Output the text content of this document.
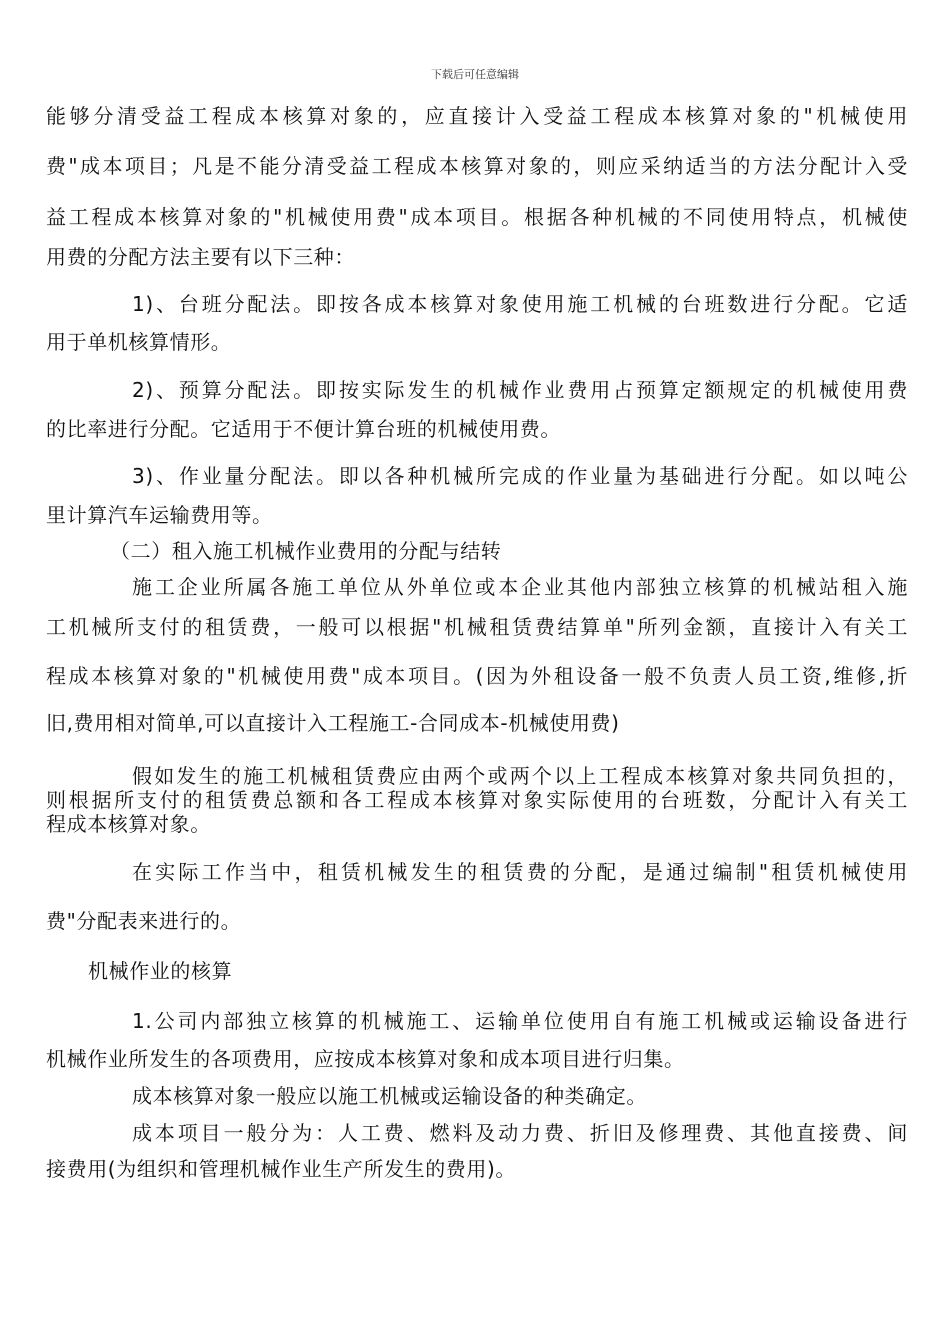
下载后可任意编辑
能够分清受益工程成本核算对象的，应直接计入受益工程成本核算对象的"机械使用
费"成本项目；凡是不能分清受益工程成本核算对象的，则应采纳适当的方法分配计入受
益工程成本核算对象的"机械使用费"成本项目。根据各种机械的不同使用特点，机械使
用费的分配方法主要有以下三种：
1)、台班分配法。即按各成本核算对象使用施工机械的台班数进行分配。它适
用于单机核算情形。
2)、预算分配法。即按实际发生的机械作业费用占预算定额规定的机械使用费
的比率进行分配。它适用于不便计算台班的机械使用费。
3)、作业量分配法。即以各种机械所完成的作业量为基础进行分配。如以吨公
里计算汽车运输费用等。
（二）租入施工机械作业费用的分配与结转
施工企业所属各施工单位从外单位或本企业其他内部独立核算的机械站租入施
工机械所支付的租赁费，一般可以根据"机械租赁费结算单"所列金额，直接计入有关工
程成本核算对象的"机械使用费"成本项目。(因为外租设备一般不负责人员工资,维修,折
旧,费用相对简单,可以直接计入工程施工-合同成本-机械使用费)
假如发生的施工机械租赁费应由两个或两个以上工程成本核算对象共同负担的，
则根据所支付的租赁费总额和各工程成本核算对象实际使用的台班数，分配计入有关工
程成本核算对象。
在实际工作当中，租赁机械发生的租赁费的分配，是通过编制"租赁机械使用
费"分配表来进行的。
机械作业的核算
1.公司内部独立核算的机械施工、运输单位使用自有施工机械或运输设备进行
机械作业所发生的各项费用，应按成本核算对象和成本项目进行归集。
成本核算对象一般应以施工机械或运输设备的种类确定。
成本项目一般分为：人工费、燃料及动力费、折旧及修理费、其他直接费、间
接费用(为组织和管理机械作业生产所发生的费用)。
